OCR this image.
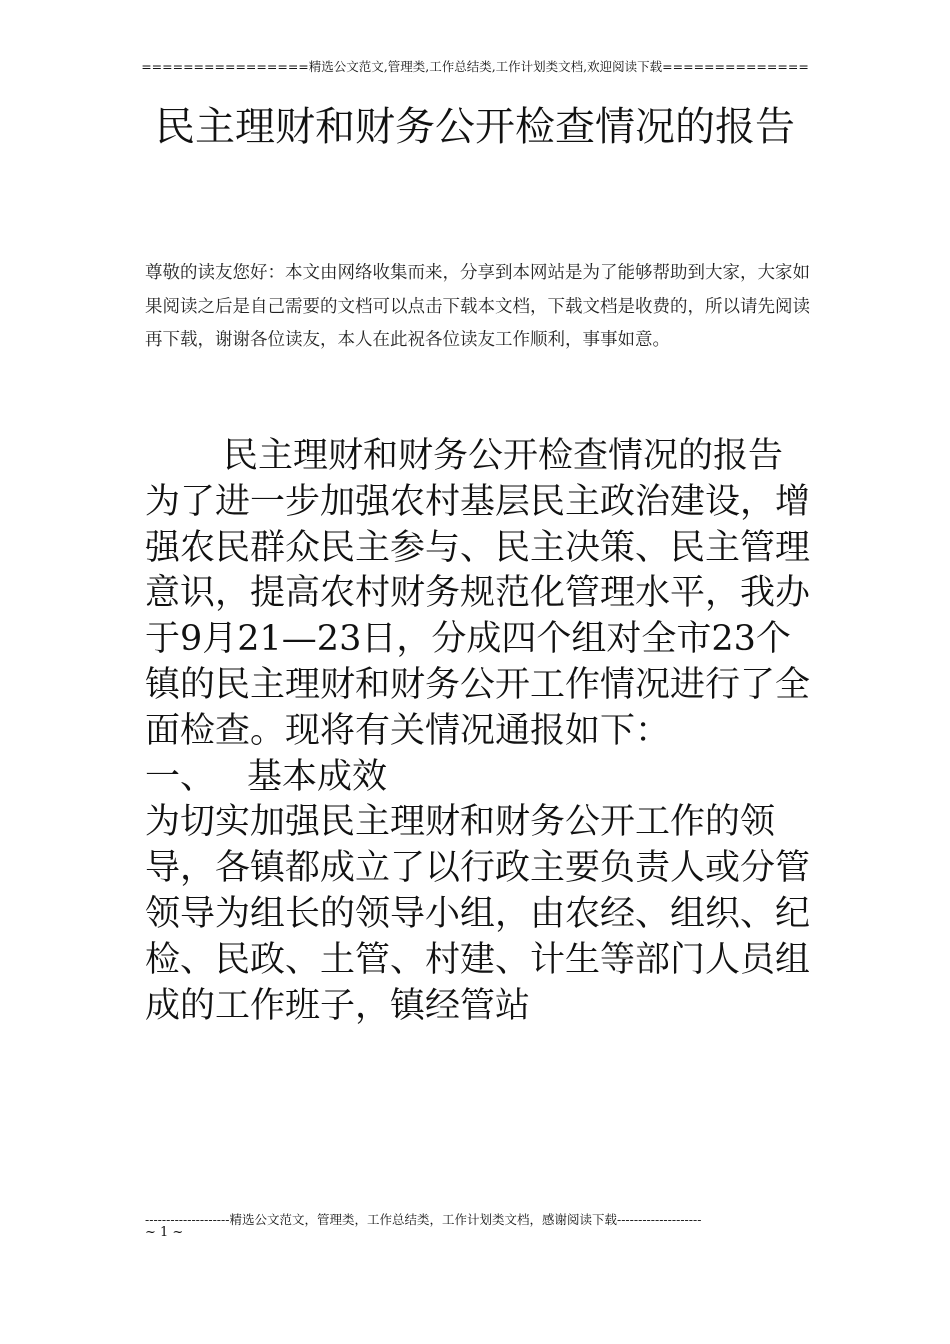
================精选公文范文,管理类,工作总结类,工作计划类文档,欢迎阅读下载==============
民主理财和财务公开检查情况的报告
尊敬的读友您好：本文由网络收集而来，分享到本网站是为了能够帮助到大家，大家如果阅读之后是自己需要的文档可以点击下载本文档，下载文档是收费的，所以请先阅读再下载，谢谢各位读友，本人在此祝各位读友工作顺利，事事如意。

民主理财和财务公开检查情况的报告

为了进一步加强农村基层民主政治建设，增强农民群众民主参与、民主决策、民主管理意识，提高农村财务规范化管理水平，我办于9月21—23日，分成四个组对全市23个镇的民主理财和财务公开工作情况进行了全面检查。现将有关情况通报如下：

一、 基本成效

为切实加强民主理财和财务公开工作的领导，各镇都成立了以行政主要负责人或分管领导为组长的领导小组，由农经、组织、纪检、民政、土管、村建、计生等部门人员组成的工作班子，镇经管站

--------------------精选公文范文，管理类，工作总结类，工作计划类文档，感谢阅读下载--------------------
~ 1 ~
